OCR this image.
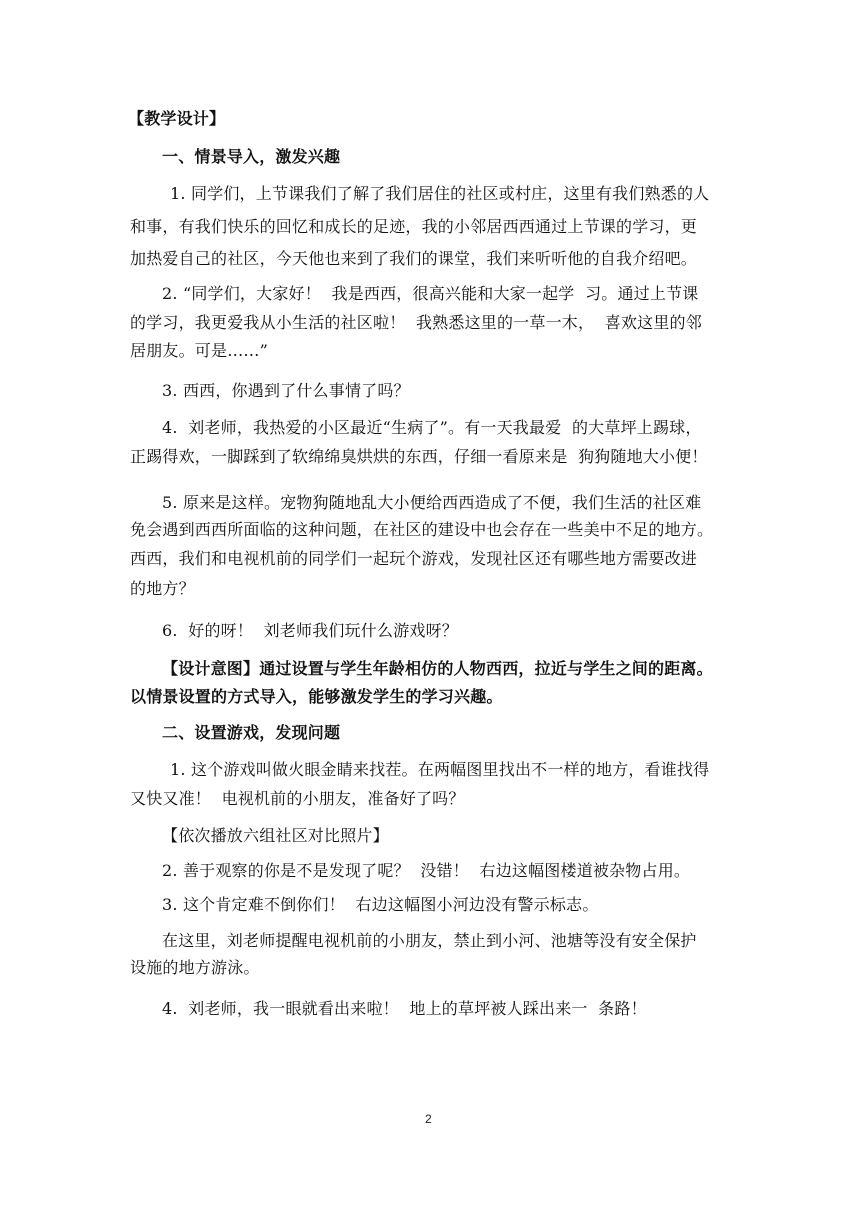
【教学设计】
一、情景导入，激发兴趣
1. 同学们，上节课我们了解了我们居住的社区或村庄，这里有我们熟悉的人
和事，有我们快乐的回忆和成长的足迹，我的小邻居西西通过上节课的学习，更
加热爱自己的社区，今天他也来到了我们的课堂，我们来听听他的自我介绍吧。
2. “同学们，大家好！  我是西西，很高兴能和大家一起学  习。通过上节课
的学习，我更爱我从小生活的社区啦！  我熟悉这里的一草一木，  喜欢这里的邻
居朋友。可是……”
3. 西西，你遇到了什么事情了吗？
4.  刘老师，我热爱的小区最近“生病了”。有一天我最爱  的大草坪上踢球，
正踢得欢，一脚踩到了软绵绵臭烘烘的东西，仔细一看原来是  狗狗随地大小便！
5. 原来是这样。宠物狗随地乱大小便给西西造成了不便，我们生活的社区难
免会遇到西西所面临的这种问题，在社区的建设中也会存在一些美中不足的地方。
西西，我们和电视机前的同学们一起玩个游戏，发现社区还有哪些地方需要改进
的地方？
6.  好的呀！  刘老师我们玩什么游戏呀？
【设计意图】通过设置与学生年龄相仿的人物西西，拉近与学生之间的距离。
以情景设置的方式导入，能够激发学生的学习兴趣。
二、设置游戏，发现问题
1. 这个游戏叫做火眼金睛来找茬。在两幅图里找出不一样的地方，看谁找得
又快又准！  电视机前的小朋友，准备好了吗？
【依次播放六组社区对比照片】
2. 善于观察的你是不是发现了呢？  没错！  右边这幅图楼道被杂物占用。
3. 这个肯定难不倒你们！  右边这幅图小河边没有警示标志。
在这里，刘老师提醒电视机前的小朋友，禁止到小河、池塘等没有安全保护
设施的地方游泳。
4.  刘老师，我一眼就看出来啦！  地上的草坪被人踩出来一  条路！
2
